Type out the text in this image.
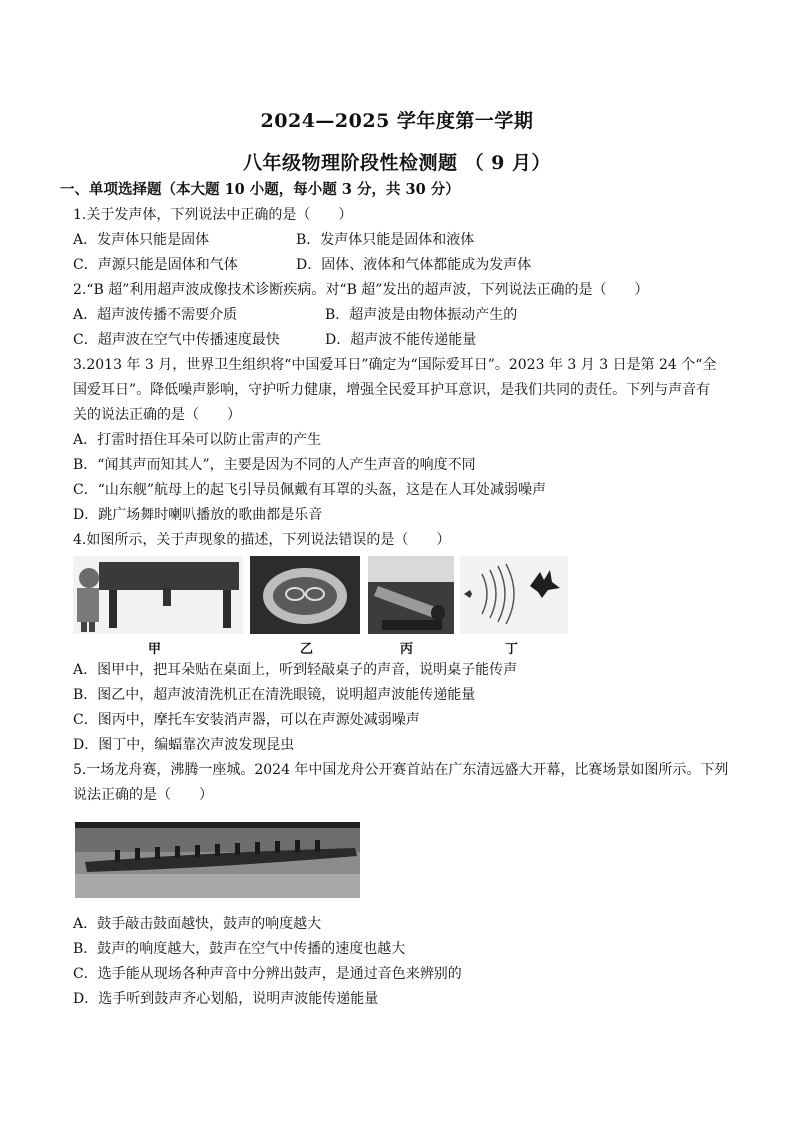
2024—2025 学年度第一学期
八年级物理阶段性检测题 （ 9 月）
一、单项选择题（本大题 10 小题，每小题 3 分，共 30 分）
1.关于发声体，下列说法中正确的是（　　）
A．发声体只能是固体	B．发声体只能是固体和液体
C．声源只能是固体和气体	D．固体、液体和气体都能成为发声体
2.“B 超”利用超声波成像技术诊断疾病。对“B 超”发出的超声波，下列说法正确的是（　　）
A．超声波传播不需要介质	B．超声波是由物体振动产生的
C．超声波在空气中传播速度最快	D．超声波不能传递能量
3.2013 年 3 月，世界卫生组织将“中国爱耳日”确定为“国际爱耳日”。2023 年 3 月 3 日是第 24 个“全
国爱耳日”。降低噪声影响，守护听力健康，增强全民爱耳护耳意识，是我们共同的责任。下列与声音有
关的说法正确的是（　　）
A．打雷时捂住耳朵可以防止雷声的产生
B．“闻其声而知其人”，主要是因为不同的人产生声音的响度不同
C．“山东舰”航母上的起飞引导员佩戴有耳罩的头盔，这是在人耳处减弱噪声
D．跳广场舞时喇叭播放的歌曲都是乐音
4.如图所示，关于声现象的描述，下列说法错误的是（　　）
甲	乙	丙	丁
A．图甲中，把耳朵贴在桌面上，听到轻敲桌子的声音，说明桌子能传声
B．图乙中，超声波清洗机正在清洗眼镜，说明超声波能传递能量
C．图丙中，摩托车安装消声器，可以在声源处减弱噪声
D．图丁中，编蝠靠次声波发现昆虫
5.一场龙舟赛，沸腾一座城。2024 年中国龙舟公开赛首站在广东清远盛大开幕，比赛场景如图所示。下列
说法正确的是（　　）
A．鼓手敲击鼓面越快，鼓声的响度越大
B．鼓声的响度越大，鼓声在空气中传播的速度也越大
C．选手能从现场各种声音中分辨出鼓声，是通过音色来辨别的
D．选手听到鼓声齐心划船，说明声波能传递能量
